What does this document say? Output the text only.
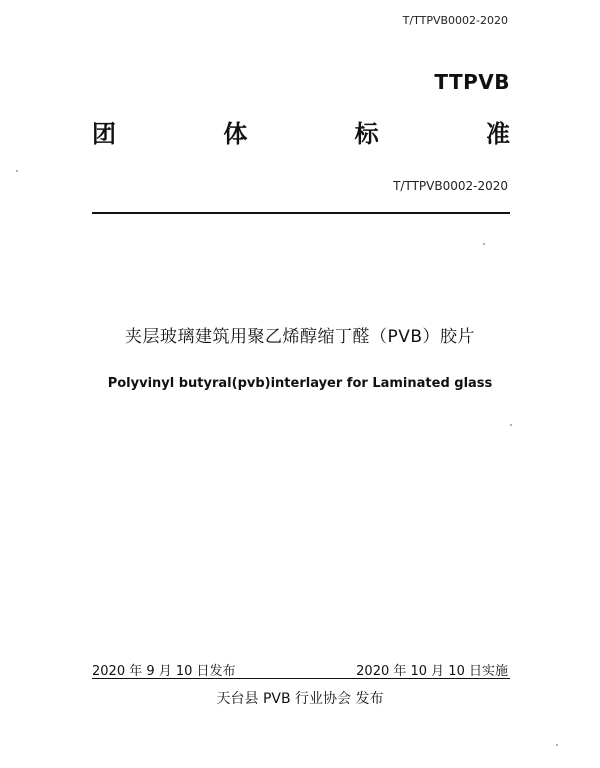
T/TTPVB0002-2020
TTPVB
团	体	标	准
T/TTPVB0002-2020
夹层玻璃建筑用聚乙烯醇缩丁醛（PVB）胶片
Polyvinyl butyral(pvb)interlayer for Laminated glass
2020 年 9 月 10 日发布	2020 年 10 月 10 日实施
天台县 PVB 行业协会 发布
